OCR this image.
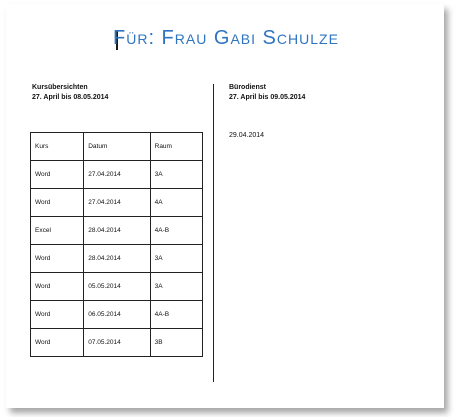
Für: Frau Gabi Schulze
Kursübersichten
27. April bis 08.05.2014
Bürodienst
27. April bis 09.05.2014
29.04.2014
Kurs	Datum	Raum
Word	27.04.2014	3A
Word	27.04.2014	4A
Excel	28.04.2014	4A-B
Word	28.04.2014	3A
Word	05.05.2014	3A
Word	06.05.2014	4A-B
Word	07.05.2014	3B
